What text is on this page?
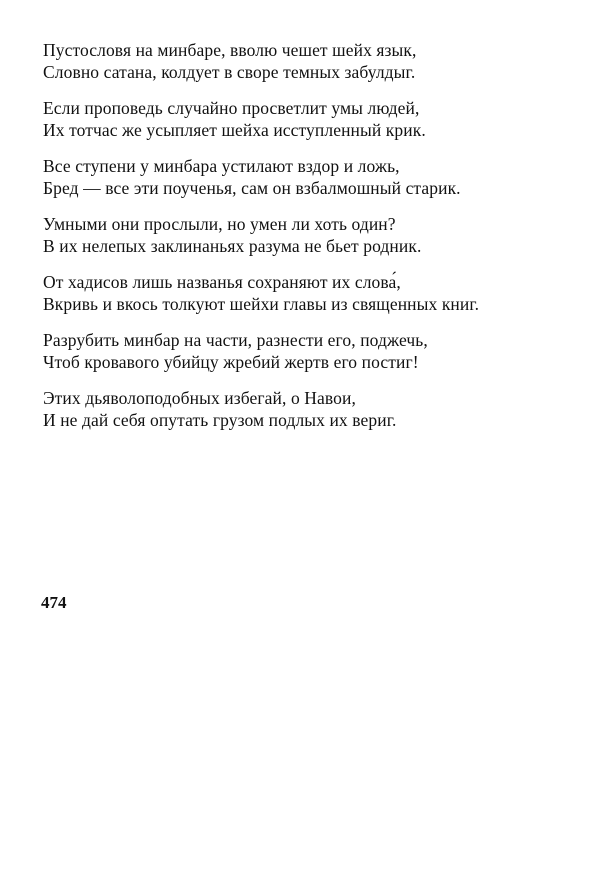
Пустословя на минбаре, вволю чешет шейх язык,
Словно сатана, колдует в своре темных забулдыг.
Если проповедь случайно просветлит умы людей,
Их тотчас же усыпляет шейха исступленный крик.
Все ступени у минбара устилают вздор и ложь,
Бред — все эти поученья, сам он взбалмошный старик.
Умными они прослыли, но умен ли хоть один?
В их нелепых заклинаньях разума не бьет родник.
От хадисов лишь названья сохраняют их слова́,
Вкривь и вкось толкуют шейхи главы из священных книг.
Разрубить минбар на части, разнести его, поджечь,
Чтоб кровавого убийцу жребий жертв его постиг!
Этих дьяволоподобных избегай, о Навои,
И не дай себя опутать грузом подлых их вериг.
474
